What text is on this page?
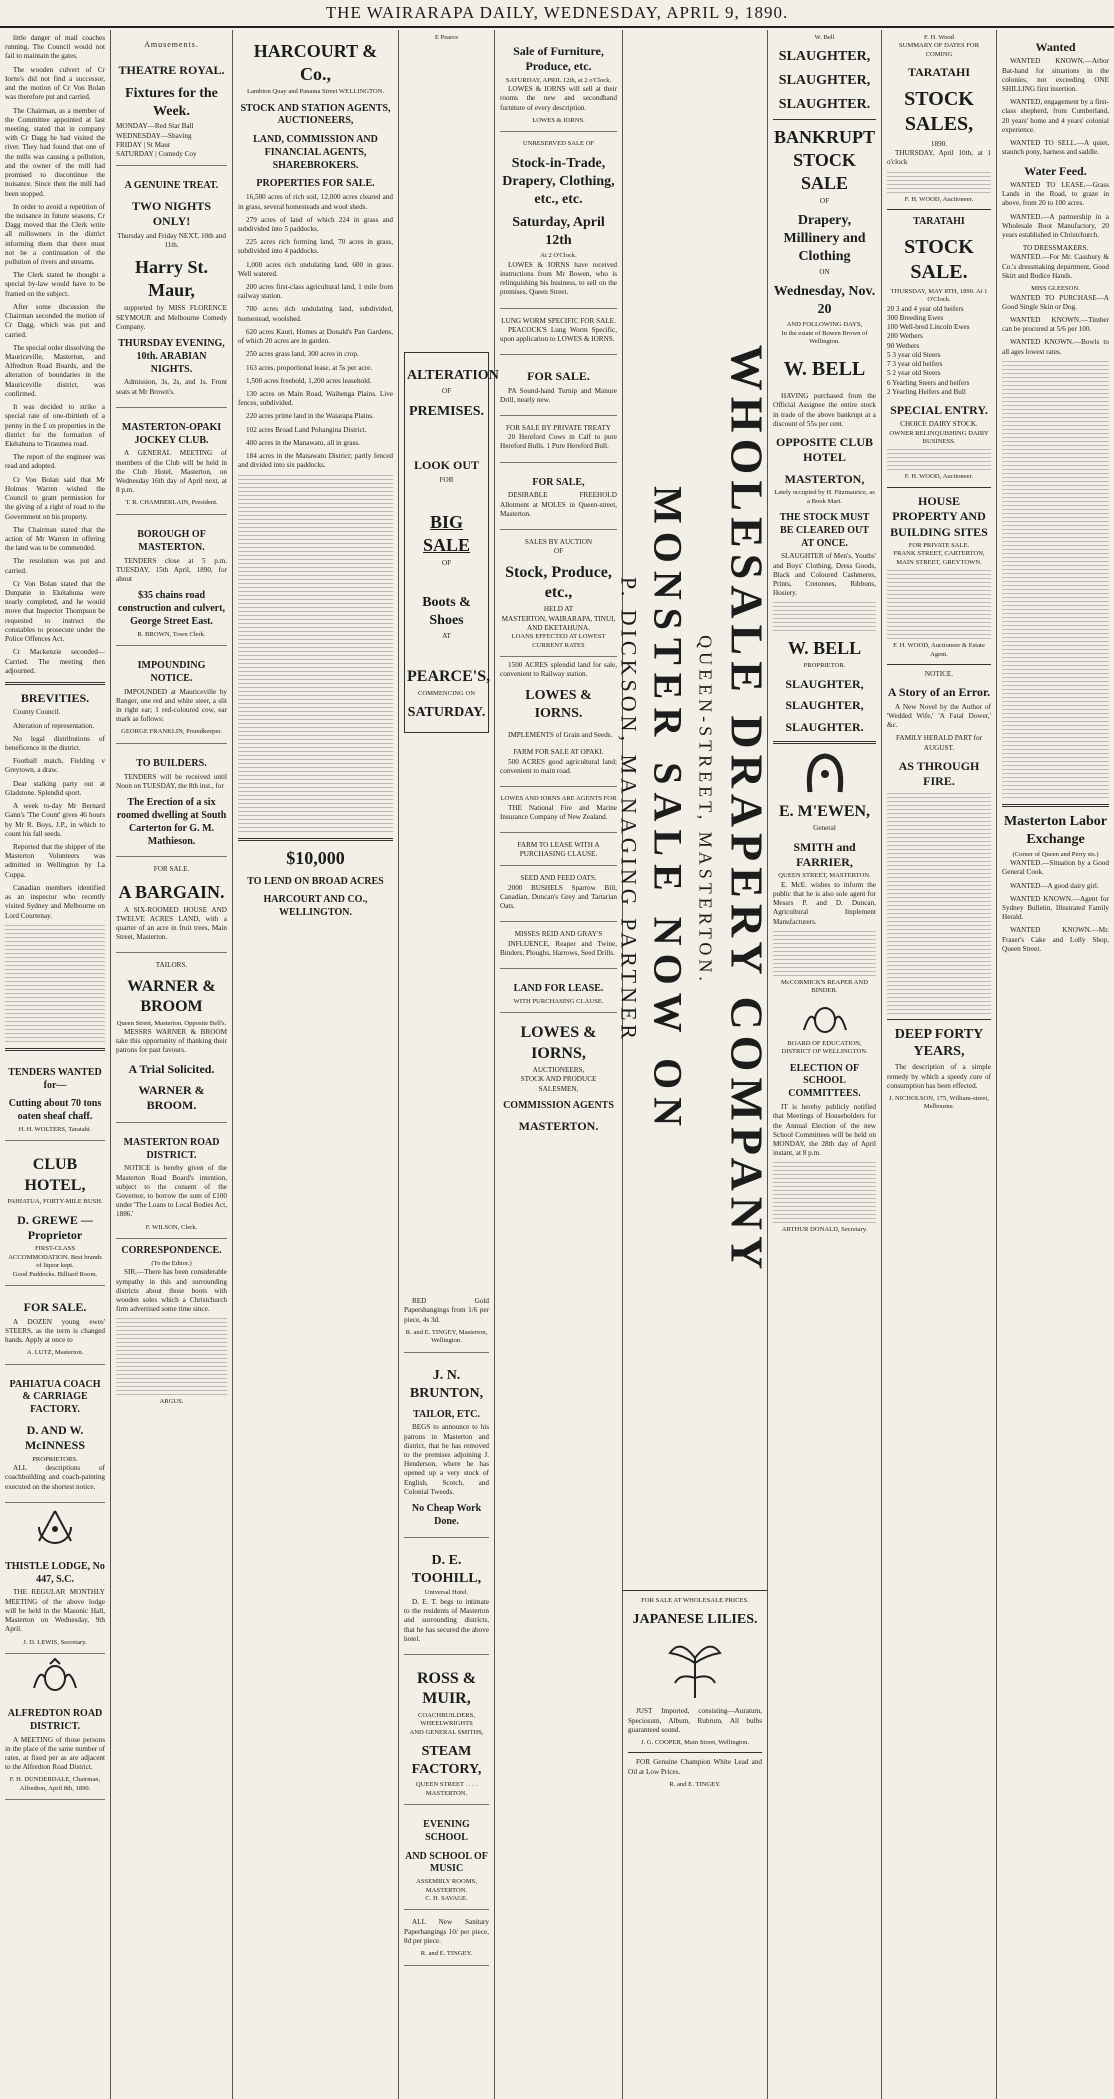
THE WAIRARAPA DAILY, WEDNESDAY, APRIL 9, 1890.

little danger of mail coaches running. The Council would not fail to maintain the gates.

The wooden culvert of Cr Iorns's did not find a successor, and the motion of Cr Von Bolan was therefore put and carried.

The Chairman, as a member of the Committee appointed at last meeting, stated that in company with Cr Dagg he had visited the river. They had found that one of the mills was causing a pollution, and the owner of the mill had promised to discontinue the nuisance. Since then the mill had been stopped.

In order to avoid a repetition of the nuisance in future seasons, Cr Dagg moved that the Clerk write all millowners in the district informing them that there must not be a continuation of the pollution of rivers and streams.

The Clerk stated he thought a special by-law would have to be framed on the subject.

After some discussion the Chairman seconded the motion of Cr Dagg, which was put and carried.

The special order dissolving the Mauriceville, Masterton, and Alfredton Road Boards, and the alteration of boundaries in the Mauriceville district, was confirmed.

It was decided to strike a special rate of one-thirtieth of a penny in the £ on properties in the district for the formation of Ekétahuna to Tiraumea road.

The report of the engineer was read and adopted.

Cr Von Bolan said that Mr Holmes Warren wished the Council to grant permission for the giving of a right of road to the Government on his property.

The Chairman stated that the action of Mr Warren in offering the land was to be commended.

The resolution was put and carried.

Cr Von Bolan stated that the Dunpatie in Ekétahuna were nearly completed, and he would move that Inspector Thompson be requested to instruct the constables to prosecute under the Police Offences Act.

Cr Mackenzie seconded—Carried. The meeting then adjourned.

BREVITIES.

County Council.

Alteration of representation.

No legal distributions of beneficence in the district.

Football match, Fielding v Greytown, a draw.

Dear stalking party out at Gladstone. Splendid sport.

A week to-day Mr Bernard Gann's 'The Count' gives 46 hours by Mr R. Boys, J.P., in which to count his fall seeds.

Reported that the shipper of the Masterton Volunteers was admitted in Wellington by La Cuppa.

Canadian members identified as an inspector who recently visited Sydney and Melbourne on Lord Courtenay.

TENDERS WANTED for—
Cutting about 70 tons oaten sheaf chaff.
H. H. WOLTERS, Taratahi.
CLUB HOTEL,
PAHIATUA, FORTY-MILE BUSH.
D. GREWE — Proprietor
FIRST-CLASS ACCOMMODATION. Best brands of liquor kept.
Good Paddocks. Billiard Room.
FOR SALE.

A DOZEN young ewes' STEERS, as the term is changed hands. Apply at once to

A. LUTZ, Masterton.
PAHIATUA COACH & CARRIAGE FACTORY.
D. AND W. McINNESS
PROPRIETORS.

ALL descriptions of coachbuilding and coach-painting executed on the shortest notice.

THISTLE LODGE, No 447, S.C.

THE REGULAR MONTHLY MEETING of the above lodge will be held in the Masonic Hall, Masterton on Wednesday, 9th April.

J. D. LEWIS, Secretary.
ALFREDTON ROAD DISTRICT.

A MEETING of those persons in the place of the same number of rates, at fixed per as are adjacent to the Alfredton Road District.

F. H. DUNDERDALE, Chairman, Alfredton, April 8th, 1890.
Amusements.
THEATRE ROYAL.
Fixtures for the Week.
MONDAY—Red Star Ball
WEDNESDAY—Shaving
FRIDAY | St Maur
SATURDAY | Comedy Coy
A GENUINE TREAT.
TWO NIGHTS ONLY!
Thursday and Friday NEXT, 10th and 11th.
Harry St. Maur,

supported by MISS FLORENCE SEYMOUR and Melbourne Comedy Company.

THURSDAY EVENING, 10th. ARABIAN NIGHTS.

Admission, 3s, 2s, and 1s. Front seats at Mr Brown's.

MASTERTON-OPAKI JOCKEY CLUB.

A GENERAL MEETING of members of the Club will be held in the Club Hotel, Masterton, on Wednesday 16th day of April next, at 8 p.m.

T. R. CHAMBERLAIN, President.
BOROUGH OF MASTERTON.

TENDERS close at 5 p.m. TUESDAY, 15th April, 1890, for about

$35 chains road construction and culvert, George Street East.
R. BROWN, Town Clerk.
IMPOUNDING NOTICE.

IMPOUNDED at Mauriceville by Ranger, one red and white steer, a slit in right ear; 1 red-coloured cow, ear mark as follows:

GEORGE FRANKLIN, Poundkeeper.
TO BUILDERS.

TENDERS will be received until Noon on TUESDAY, the 8th inst., for

The Erection of a six roomed dwelling at South Carterton for G. M. Mathieson.
FOR SALE.
A BARGAIN.

A SIX-ROOMED HOUSE AND TWELVE ACRES LAND, with a quarter of an acre in fruit trees, Main Street, Masterton.

TAILORS.
WARNER & BROOM
Queen Street, Masterton. Opposite Bell's.

MESSRS WARNER & BROOM take this opportunity of thanking their patrons for past favours.

A Trial Solicited.
WARNER & BROOM.
MASTERTON ROAD DISTRICT.

NOTICE is hereby given of the Masterton Road Board's intention, subject to the consent of the Governor, to borrow the sum of £100 under 'The Loans to Local Bodies Act, 1886.'

F. WILSON, Clerk.
CORRESPONDENCE.
(To the Editor.)

SIR,—There has been considerable sympathy in this and surrounding districts about those boots with wooden soles which a Christchurch firm advertised some time since.

ARGUS.
HARCOURT & Co.,
Lambton Quay and Panama Street WELLINGTON.
STOCK AND STATION AGENTS, AUCTIONEERS,
LAND, COMMISSION AND FINANCIAL AGENTS, SHAREBROKERS.
PROPERTIES FOR SALE.

16,500 acres of rich soil, 12,000 acres cleared and in grass, several homesteads and wool sheds.

279 acres of land of which 224 in grass and subdivided into 5 paddocks.

225 acres rich forming land, 70 acres in grass, subdivided into 4 paddocks.

1,000 acres rich undulating land, 600 in grass. Well watered.

200 acres first-class agricultural land, 1 mile from railway station.

700 acres rich undulating land, subdivided, homestead, woolshed.

620 acres Kauri, Homes at Donald's Pan Gardens, of which 20 acres are in garden.

250 acres grass land, 300 acres in crop.

163 acres, proportional lease, at 5s per acre.

1,500 acres freehold, 1,200 acres leasehold.

130 acres on Main Road, Waihenga Plains. Live fences, subdivided.

220 acres prime land in the Waiarapa Plains.

102 acres Broad Land Pohangina District.

400 acres in the Manawatu, all in grass.

184 acres in the Manawatu District; partly fenced and divided into six paddocks.

$10,000
TO LEND ON BROAD ACRES
HARCOURT AND CO., WELLINGTON.
E Pearce
ALTERATION
OF
PREMISES.
LOOK OUT
FOR
BIG SALE
OF
Boots & Shoes
AT
PEARCE'S,
COMMENCING ON
SATURDAY.

RED Gold Papershangings from 1/6 per piece, 4s 3d.

R. and E. TINGEY, Masterton, Wellington.
J. N. BRUNTON,
TAILOR, ETC.

BEGS to announce to his patrons in Masterton and district, that he has removed to the premises adjoining J. Henderson, where he has opened up a very stock of English, Scotch, and Colonial Tweeds.

No Cheap Work Done.
D. E. TOOHILL,
Universal Hotel.

D. E. T. begs to intimate to the residents of Masterton and surrounding districts, that he has secured the above hotel.

ROSS & MUIR,
COACHBUILDERS, WHEELWRIGHTS
AND GENERAL SMITHS,
STEAM FACTORY,
QUEEN STREET . . . . MASTERTON.
EVENING SCHOOL
AND SCHOOL OF MUSIC
ASSEMBLY ROOMS, MASTERTON.
C. H. SAVAGE.

ALL New Sanitary Paperhangings 10/ per piece, 8d per piece.

R. and E. TINGEY.
Sale of Furniture, Produce, etc.
SATURDAY, APRIL 12th, at 2 o'Clock.

LOWES & IORNS will sell at their rooms the new and secondhand furniture of every description.

LOWES & IORNS.
UNRESERVED SALE OF
Stock-in-Trade, Drapery, Clothing, etc., etc.
Saturday, April 12th
At 2 O'Clock.

LOWES & IORNS have received instructions from Mr Bowen, who is relinquishing his business, to sell on the premises, Queen Street.

LUNG WORM SPECIFIC FOR SALE.

PEACOCK'S Lung Worm Specific, upon application to LOWES & IORNS.

FOR SALE.

PA Sound-hand Turnip and Manure Drill, nearly new.

FOR SALE BY PRIVATE TREATY

20 Hereford Cows in Calf to pure Hereford Bulls. 1 Pure Hereford Bull.

FOR SALE,

DESIRABLE FREEHOLD Allotment at MOLES in Queen-street, Masterton.

SALES BY AUCTION
OF
Stock, Produce, etc.,
HELD AT
MASTERTON, WAIRARAPA, TINUI, AND EKETAHUNA.
LOANS EFFECTED AT LOWEST CURRENT RATES

1500 ACRES splendid land for sale, convenient to Railway station.

LOWES & IORNS.

IMPLEMENTS of Grain and Seeds.

FARM FOR SALE AT OPAKI.

500 ACRES good agricultural land; convenient to main road.

LOWES AND IORNS ARE AGENTS FOR

THE National Fire and Marine Insurance Company of New Zealand.

FARM TO LEASE WITH A PURCHASING CLAUSE.
SEED AND FEED OATS.

2000 BUSHELS Sparrow Bill, Canadian, Duncan's Grey and Tartarian Oats.

MISSES REID AND GRAY'S

INFLUENCE, Reaper and Twine, Binders, Ploughs, Harrows, Seed Drills.

LAND FOR LEASE.
WITH PURCHASING CLAUSE.
LOWES & IORNS,
AUCTIONEERS,
STOCK AND PRODUCE
SALESMEN,
COMMISSION AGENTS
MASTERTON.	WHOLESALE DRAPERY COMPANY
QUEEN-STREET, MASTERTON.
MONSTER SALE NOW ON
P. DICKSON, MANAGING PARTNER
FOR SALE AT WHOLESALE PRICES.
JAPANESE LILIES.

JUST Imported, consisting—Auratum, Speciosum, Album, Rubrum. All bulbs guaranteed sound.

J. G. COOPER, Main Street, Wellington.

FOR Genuine Champion White Lead and Oil at Low Prices.

R. and E. TINGEY.
W. Bell
SLAUGHTER,
SLAUGHTER,
SLAUGHTER.
BANKRUPT STOCK SALE
OF
Drapery, Millinery and Clothing
ON
Wednesday, Nov. 20
AND FOLLOWING DAYS,
In the estate of Bowen Brown of Wellington.
W. BELL

HAVING purchased from the Official Assignee the entire stock in trade of the above bankrupt at a discount of 55s per cent.

OPPOSITE CLUB HOTEL
MASTERTON,
Lately occupied by H. Fitzmaurice, as a Book Mart.
THE STOCK MUST BE CLEARED OUT AT ONCE.

SLAUGHTER of Men's, Youths' and Boys' Clothing, Dress Goods, Black and Coloured Cashmeres, Prints, Cretonnes, Ribbons, Hosiery.

W. BELL
PROPRIETOR.
SLAUGHTER,
SLAUGHTER,
SLAUGHTER.
E. M'EWEN,
General
SMITH and FARRIER,
QUEEN STREET, MASTERTON.

E. McE. wishes to inform the public that he is also sole agent for Messrs P. and D. Duncan, Agricultural Implement Manufacturers.

McCORMICK'S REAPER AND BINDER.
BOARD OF EDUCATION, DISTRICT OF WELLINGTON.
ELECTION OF SCHOOL COMMITTEES.

IT is hereby publicly notified that Meetings of Householders for the Annual Election of the new School Committees will be held on MONDAY, the 28th day of April instant, at 8 p.m.

ARTHUR DONALD, Secretary.
F. H. Wood
SUMMARY OF DATES FOR COMING
TARATAHI
STOCK SALES,
1890.

THURSDAY, April 10th, at 1 o'clock

F. H. WOOD, Auctioneer.
TARATAHI
STOCK SALE.
THURSDAY, MAY 8TH, 1890. At 1 O'Clock.
20 3 and 4 year old heifers
300 Breeding Ewes
100 Well-bred Lincoln Ewes
200 Wethers
90 Wethers
5 3 year old Steers
7 3 year old heifers
5 2 year old Steers
6 Yearling Steers and heifers
2 Yearling Heifers and Bull
SPECIAL ENTRY.
CHOICE DAIRY STOCK.
OWNER RELINQUISHING DAIRY BUSINESS.
F. H. WOOD, Auctioneer.
HOUSE PROPERTY AND BUILDING SITES
FOR PRIVATE SALE.
FRANK STREET, CARTERTON, MAIN STREET, GREYTOWN.
F. H. WOOD, Auctioneer & Estate Agent.
NOTICE.
A Story of an Error.

A New Novel by the Author of 'Wedded Wife,' 'A Fatal Dower,' &c.

FAMILY HERALD PART for AUGUST.
AS THROUGH FIRE.
DEEP FORTY YEARS,

The description of a simple remedy by which a speedy cure of consumption has been effected.

J. NICHOLSON, 175, William-street, Melbourne.
Wanted

WANTED KNOWN.—Arbor Bat-hand for situations in the colonies, not exceeding ONE SHILLING first insertion.

WANTED, engagement by a first-class shepherd, from Cumberland, 20 years' home and 4 years' colonial experience.

WANTED TO SELL.—A quiet, staunch pony, harness and saddle.

Water Feed.

WANTED TO LEASE.—Grass Lands in the Road, to graze in above, from 20 to 100 acres.

WANTED.—A partnership in a Wholesale Boot Manufactory, 20 years established in Christchurch.

TO DRESSMAKERS.

WANTED.—For Mr. Cassbury & Co.'s dressmaking department, Good Skirt and Bodice Hands.

MISS GLEESON.

WANTED TO PURCHASE—A Good Single Skin or Dog.

WANTED KNOWN.—Timber can be procured at 5/6 per 100.

WANTED KNOWN.—Bowls to all ages lowest rates.

Masterton Labor Exchange
(Corner of Queen and Perry sts.)

WANTED.—Situation by a Good General Cook.

WANTED—A good dairy girl.

WANTED KNOWN.—Agent for Sydney Bulletin, Illustrated Family Herald.

WANTED KNOWN.—Mr. Fraser's Cake and Lolly Shop, Queen Street.
